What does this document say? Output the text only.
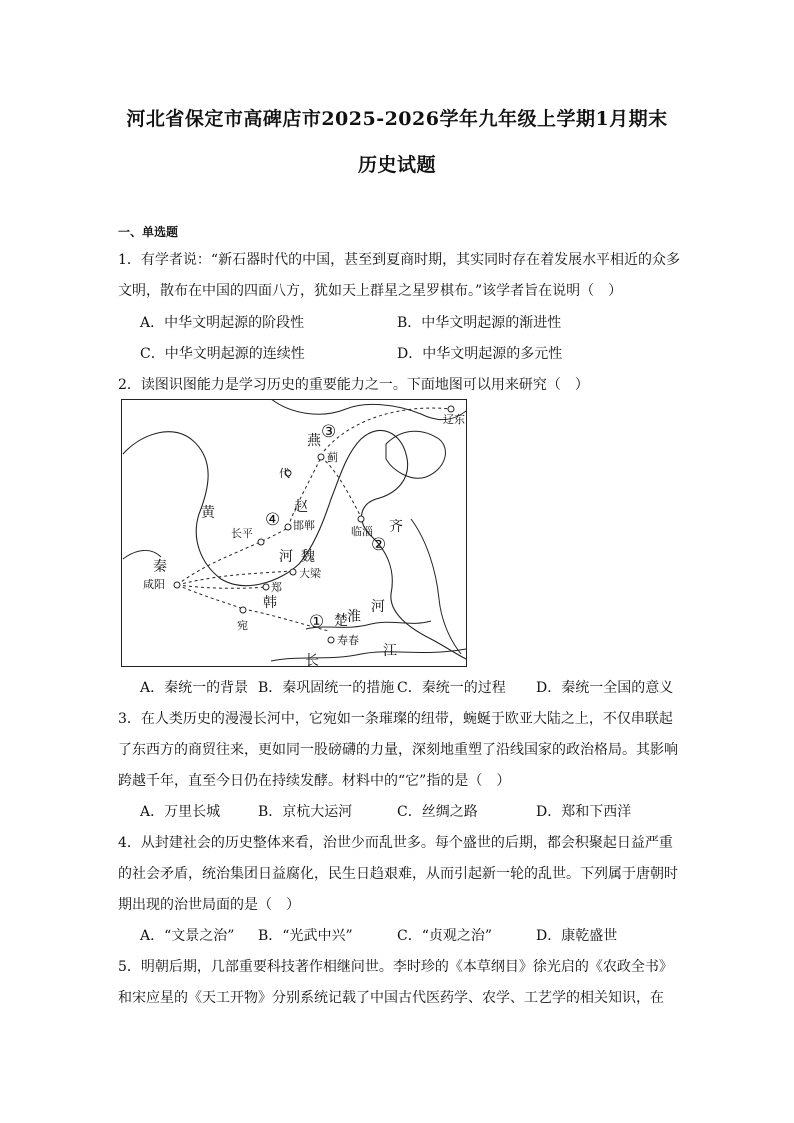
河北省保定市高碑店市2025-2026学年九年级上学期1月期末
历史试题
一、单选题
1．有学者说：“新石器时代的中国，甚至到夏商时期，其实同时存在着发展水平相近的众多
文明，散布在中国的四面八方，犹如天上群星之星罗棋布。”该学者旨在说明（　）
A．中华文明起源的阶段性	B．中华文明起源的渐进性
C．中华文明起源的连续性	D．中华文明起源的多元性
2．读图识图能力是学习历史的重要能力之一。下面地图可以用来研究（　）
辽东
燕
蓟
代
黄	赵
邯郸
长平	临淄 齐
河 魏
秦
咸阳	郑
大梁
韩
宛
淮
河
楚
寿春
长
江
①
②
③
④
A．秦统一的背景 B．秦巩固统一的措施 C．秦统一的过程 D．秦统一全国的意义
3．在人类历史的漫漫长河中，它宛如一条璀璨的纽带，蜿蜒于欧亚大陆之上，不仅串联起
了东西方的商贸往来，更如同一股磅礴的力量，深刻地重塑了沿线国家的政治格局。其影响
跨越千年，直至今日仍在持续发酵。材料中的“它”指的是（　）
A．万里长城	B．京杭大运河	C．丝绸之路	D．郑和下西洋
4．从封建社会的历史整体来看，治世少而乱世多。每个盛世的后期，都会积聚起日益严重
的社会矛盾，统治集团日益腐化，民生日趋艰难，从而引起新一轮的乱世。下列属于唐朝时
期出现的治世局面的是（　）
A．“文景之治” B．“光武中兴”	C．“贞观之治”	D．康乾盛世
5．明朝后期，几部重要科技著作相继问世。李时珍的《本草纲目》徐光启的《农政全书》
和宋应星的《天工开物》分别系统记载了中国古代医药学、农学、工艺学的相关知识，在
